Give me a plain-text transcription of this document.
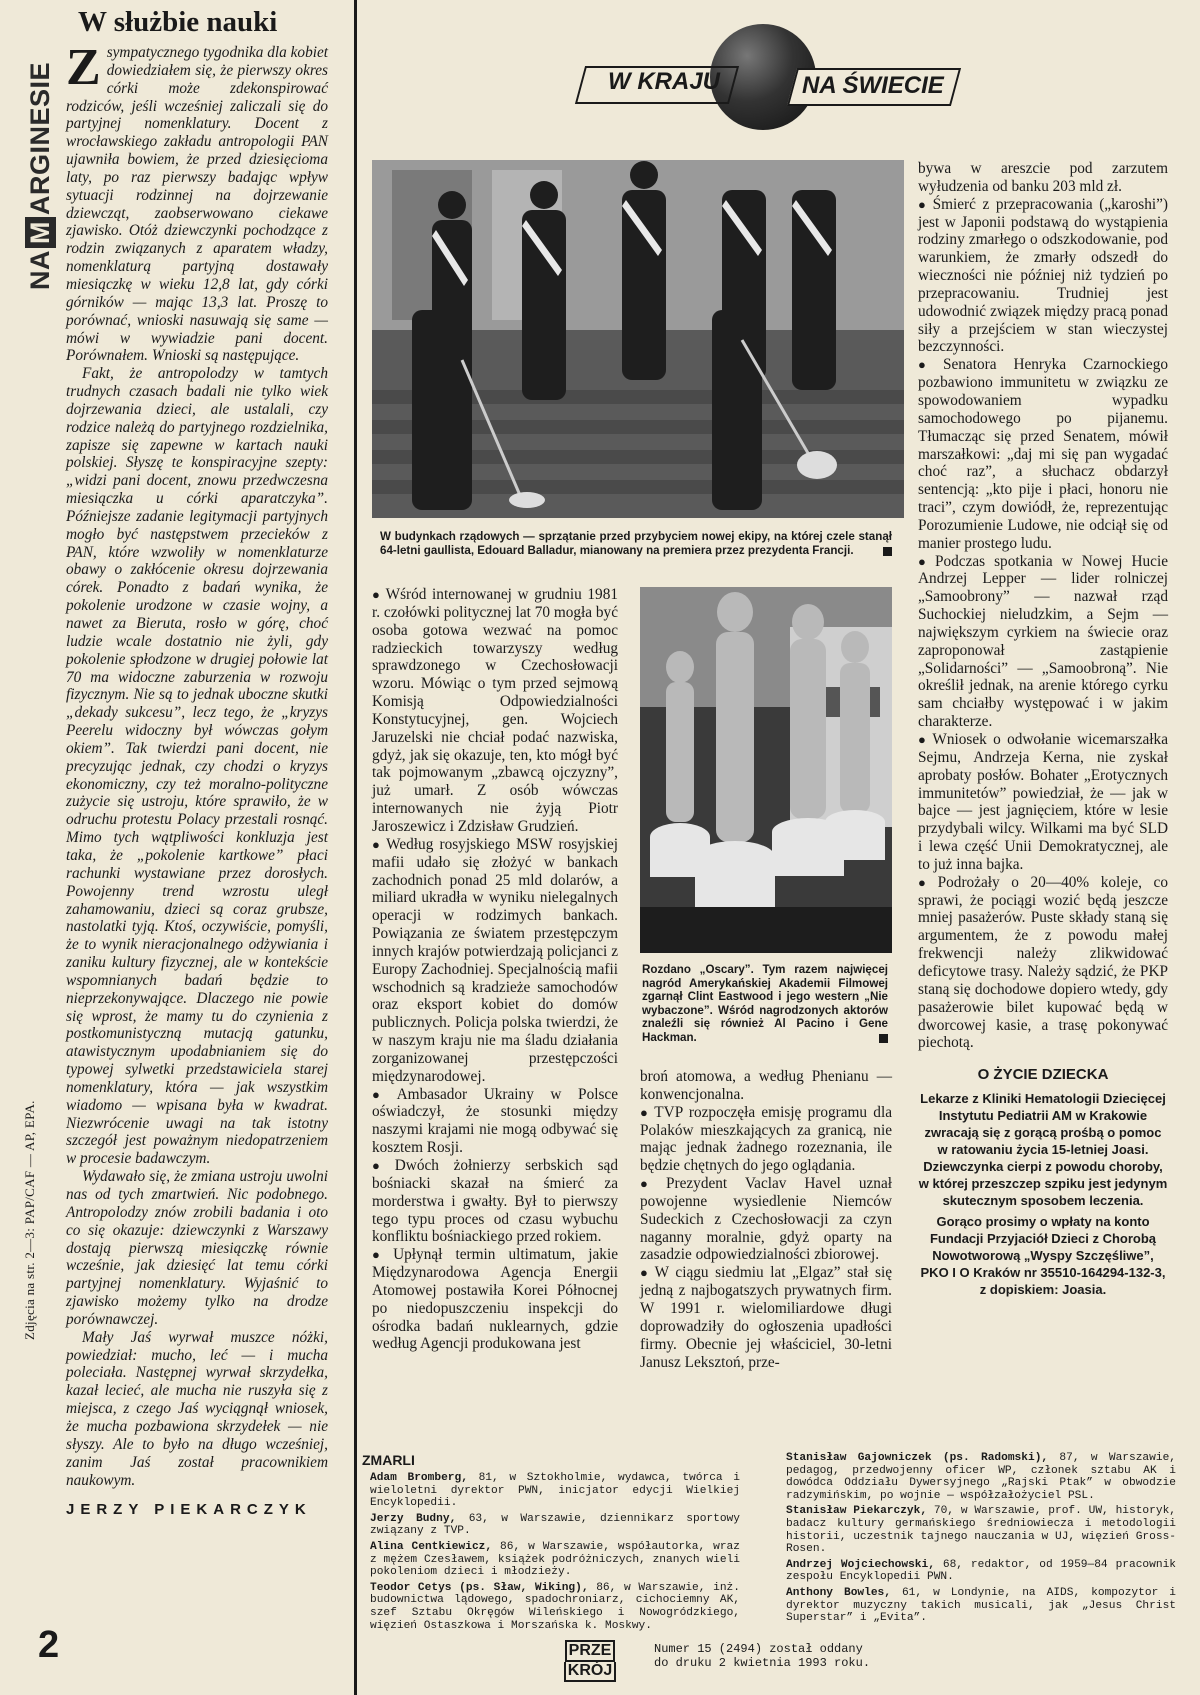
NA
M
ARGINESIE
Zdjęcia na str. 2—3: PAP/CAF — AP, EPA.
2
W służbie nauki

Z sympatycznego tygodnika dla kobiet dowiedziałem się, że pierwszy okres córki może zdekonspirować rodziców, jeśli wcześniej zaliczali się do partyjnej nomenklatury. Docent z wrocławskiego zakładu antropologii PAN ujawniła bowiem, że przed dziesięcioma laty, po raz pierwszy badając wpływ sytuacji rodzinnej na dojrzewanie dziewcząt, zaobserwowano ciekawe zjawisko. Otóż dziewczynki pochodzące z rodzin związanych z aparatem władzy, nomenklaturą partyjną dostawały miesiączkę w wieku 12,8 lat, gdy córki górników — mając 13,3 lat. Proszę to porównać, wnioski nasuwają się same — mówi w wywiadzie pani docent. Porównałem. Wnioski są następujące.

Fakt, że antropolodzy w tamtych trudnych czasach badali nie tylko wiek dojrzewania dzieci, ale ustalali, czy rodzice należą do partyjnego rozdzielnika, zapisze się zapewne w kartach nauki polskiej. Słyszę te konspiracyjne szepty: „widzi pani docent, znowu przedwczesna miesiączka u córki aparatczyka”. Późniejsze zadanie legitymacji partyjnych mogło być następstwem przecieków z PAN, które wzwoliły w nomenklaturze obawy o zakłócenie okresu dojrzewania córek. Ponadto z badań wynika, że pokolenie urodzone w czasie wojny, a nawet za Bieruta, rosło w górę, choć ludzie wcale dostatnio nie żyli, gdy pokolenie spłodzone w drugiej połowie lat 70 ma widoczne zaburzenia w rozwoju fizycznym. Nie są to jednak uboczne skutki „dekady sukcesu”, lecz tego, że „kryzys Peerelu widoczny był wówczas gołym okiem”. Tak twierdzi pani docent, nie precyzując jednak, czy chodzi o kryzys ekonomiczny, czy też moralno-polityczne zużycie się ustroju, które sprawiło, że w odruchu protestu Polacy przestali rosnąć. Mimo tych wątpliwości konkluzja jest taka, że „pokolenie kartkowe” płaci rachunki wystawiane przez dorosłych. Powojenny trend wzrostu uległ zahamowaniu, dzieci są coraz grubsze, nastolatki tyją. Ktoś, oczywiście, pomyśli, że to wynik nieracjonalnego odżywiania i zaniku kultury fizycznej, ale w kontekście wspomnianych badań będzie to nieprzekonywające. Dlaczego nie powie się wprost, że mamy tu do czynienia z postkomunistyczną mutacją gatunku, atawistycznym upodabnianiem się do typowej sylwetki przedstawiciela starej nomenklatury, która — jak wszystkim wiadomo — wpisana była w kwadrat. Niezwrócenie uwagi na tak istotny szczegół jest poważnym niedopatrzeniem w procesie badawczym.

Wydawało się, że zmiana ustroju uwolni nas od tych zmartwień. Nic podobnego. Antropolodzy znów zrobili badania i oto co się okazuje: dziewczynki z Warszawy dostają pierwszą miesiączkę równie wcześnie, jak dziesięć lat temu córki partyjnej nomenklatury. Wyjaśnić to zjawisko możemy tylko na drodze porównawczej.

Mały Jaś wyrwał muszce nóżki, powiedział: mucho, leć — i mucha poleciała. Następnej wyrwał skrzydełka, kazał lecieć, ale mucha nie ruszyła się z miejsca, z czego Jaś wyciągnął wniosek, że mucha pozbawiona skrzydełek — nie słyszy. Ale to było na długo wcześniej, zanim Jaś został pracownikiem naukowym.

JERZY PIEKARCZYK
W KRAJU	NA ŚWIECIE
W budynkach rządowych — sprzątanie przed przybyciem nowej ekipy, na której czele stanął 64-letni gaullista, Edouard Balladur, mianowany na premiera przez prezydenta Francji.
Rozdano „Oscary”. Tym razem najwięcej nagród Amerykańskiej Akademii Filmowej zgarnął Clint Eastwood i jego western „Nie wybaczone”. Wśród nagrodzonych aktorów znaleźli się również Al Pacino i Gene Hackman.

● Wśród internowanej w grudniu 1981 r. czołówki politycznej lat 70 mogła być osoba gotowa wezwać na pomoc radzieckich towarzyszy według sprawdzonego w Czechosłowacji wzoru. Mówiąc o tym przed sejmową Komisją Odpowiedzialności Konstytucyjnej, gen. Wojciech Jaruzelski nie chciał podać nazwiska, gdyż, jak się okazuje, ten, kto mógł być tak pojmowanym „zbawcą ojczyzny”, już umarł. Z osób wówczas internowanych nie żyją Piotr Jaroszewicz i Zdzisław Grudzień.

● Według rosyjskiego MSW rosyjskiej mafii udało się złożyć w bankach zachodnich ponad 25 mld dolarów, a miliard ukradła w wyniku nielegalnych operacji w rodzimych bankach. Powiązania ze światem przestępczym innych krajów potwierdzają policjanci z Europy Zachodniej. Specjalnością mafii wschodnich są kradzieże samochodów oraz eksport kobiet do domów publicznych. Policja polska twierdzi, że w naszym kraju nie ma śladu działania zorganizowanej przestępczości międzynarodowej.

● Ambasador Ukrainy w Polsce oświadczył, że stosunki między naszymi krajami nie mogą odbywać się kosztem Rosji.

● Dwóch żołnierzy serbskich sąd bośniacki skazał na śmierć za morderstwa i gwałty. Był to pierwszy tego typu proces od czasu wybuchu konfliktu bośniackiego przed rokiem.

● Upłynął termin ultimatum, jakie Międzynarodowa Agencja Energii Atomowej postawiła Korei Północnej po niedopuszczeniu inspekcji do ośrodka badań nuklearnych, gdzie według Agencji produkowana jest

broń atomowa, a według Phenianu — konwencjonalna.

● TVP rozpoczęła emisję programu dla Polaków mieszkających za granicą, nie mając jednak żadnego rozeznania, ile będzie chętnych do jego oglądania.

● Prezydent Vaclav Havel uznał powojenne wysiedlenie Niemców Sudeckich z Czechosłowacji za czyn naganny moralnie, gdyż oparty na zasadzie odpowiedzialności zbiorowej.

● W ciągu siedmiu lat „Elgaz” stał się jedną z najbogatszych prywatnych firm. W 1991 r. wielomiliardowe długi doprowadziły do ogłoszenia upadłości firmy. Obecnie jej właściciel, 30-letni Janusz Leksztoń, prze-

bywa w areszcie pod zarzutem wyłudzenia od banku 203 mld zł.

● Śmierć z przepracowania („karoshi”) jest w Japonii podstawą do wystąpienia rodziny zmarłego o odszkodowanie, pod warunkiem, że zmarły odszedł do wieczności nie później niż tydzień po przepracowaniu. Trudniej jest udowodnić związek między pracą ponad siły a przejściem w stan wieczystej bezczynności.

● Senatora Henryka Czarnockiego pozbawiono immunitetu w związku ze spowodowaniem wypadku samochodowego po pijanemu. Tłumacząc się przed Senatem, mówił marszałkowi: „daj mi się pan wygadać choć raz”, a słuchacz obdarzył sentencją: „kto pije i płaci, honoru nie traci”, czym dowiódł, że, reprezentując Porozumienie Ludowe, nie odciął się od manier prostego ludu.

● Podczas spotkania w Nowej Hucie Andrzej Lepper — lider rolniczej „Samoobrony” — nazwał rząd Suchockiej nieludzkim, a Sejm — największym cyrkiem na świecie oraz zaproponował zastąpienie „Solidarności” — „Samoobroną”. Nie określił jednak, na arenie którego cyrku sam chciałby występować i w jakim charakterze.

● Wniosek o odwołanie wicemarszałka Sejmu, Andrzeja Kerna, nie zyskał aprobaty posłów. Bohater „Erotycznych immunitetów” powiedział, że — jak w bajce — jest jagnięciem, które w lesie przydybali wilcy. Wilkami ma być SLD i lewa część Unii Demokratycznej, ale to już inna bajka.

● Podrożały o 20—40% koleje, co sprawi, że pociągi wozić będą jeszcze mniej pasażerów. Puste składy staną się argumentem, że z powodu małej frekwencji należy zlikwidować deficytowe trasy. Należy sądzić, że PKP staną się dochodowe dopiero wtedy, gdy pasażerowie bilet kupować będą w dworcowej kasie, a trasę pokonywać piechotą.

O ŻYCIE DZIECKA
Lekarze z Kliniki Hematologii Dziecięcej Instytutu Pediatrii AM w Krakowie zwracają się z gorącą prośbą o pomoc w ratowaniu życia 15-letniej Joasi. Dziewczynka cierpi z powodu choroby, w której przeszczep szpiku jest jedynym skutecznym sposobem leczenia.
Gorąco prosimy o wpłaty na konto Fundacji Przyjaciół Dzieci z Chorobą Nowotworową „Wyspy Szczęśliwe”, PKO I O Kraków nr 35510-164294-132-3, z dopiskiem: Joasia.
ZMARLI

Adam Bromberg, 81, w Sztokholmie, wydawca, twórca i wieloletni dyrektor PWN, inicjator edycji Wielkiej Encyklopedii.

Jerzy Budny, 63, w Warszawie, dziennikarz sportowy związany z TVP.

Alina Centkiewicz, 86, w Warszawie, współautorka, wraz z mężem Czesławem, książek podróżniczych, znanych wieli pokoleniom dzieci i młodzieży.

Teodor Cetys (ps. Sław, Wiking), 86, w Warszawie, inż. budownictwa lądowego, spadochroniarz, cichociemny AK, szef Sztabu Okręgów Wileńskiego i Nowogródzkiego, więzień Ostaszkowa i Morszańska k. Moskwy.

Stanisław Gajowniczek (ps. Radomski), 87, w Warszawie, pedagog, przedwojenny oficer WP, członek sztabu AK i dowódca Oddziału Dywersyjnego „Rajski Ptak” w obwodzie radzymińskim, po wojnie — współzałożyciel PSL.

Stanisław Piekarczyk, 70, w Warszawie, prof. UW, historyk, badacz kultury germańskiego średniowiecza i metodologii historii, uczestnik tajnego nauczania w UJ, więzień Gross-Rosen.

Andrzej Wojciechowski, 68, redaktor, od 1959—84 pracownik zespołu Encyklopedii PWN.

Anthony Bowles, 61, w Londynie, na AIDS, kompozytor i dyrektor muzyczny takich musicali, jak „Jesus Christ Superstar” i „Evita”.

PRZE
KRÓJ
Numer 15 (2494) został oddany do druku 2 kwietnia 1993 roku.
